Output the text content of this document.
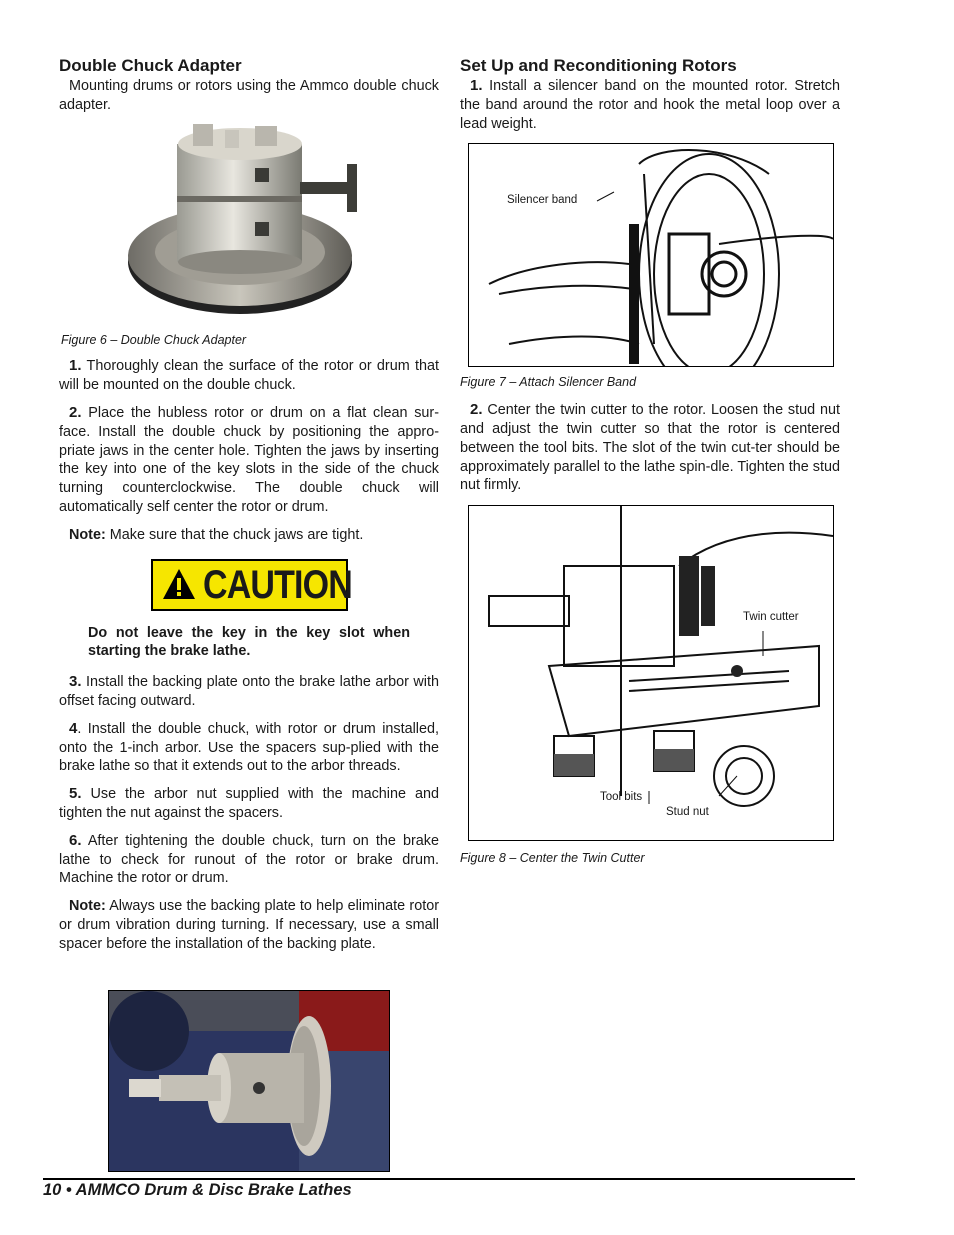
Double Chuck Adapter

Mounting drums or rotors using the Ammco double chuck adapter.

Figure 6 – Double Chuck Adapter

1. Thoroughly clean the surface of the rotor or drum that will be mounted on the double chuck.

2. Place the hubless rotor or drum on a flat clean sur-face. Install the double chuck by positioning the appro-priate jaws in the center hole. Tighten the jaws by inserting the key into one of the key slots in the side of the chuck turning counterclockwise. The double chuck will automatically self center the rotor or drum.

Note: Make sure that the chuck jaws are tight.

CAUTION

Do not leave the key in the key slot when starting the brake lathe.

3. Install the backing plate onto the brake lathe arbor with offset facing outward.

4. Install the double chuck, with rotor or drum installed, onto the 1-inch arbor. Use the spacers sup-plied with the brake lathe so that it extends out to the arbor threads.

5. Use the arbor nut supplied with the machine and tighten the nut against the spacers.

6. After tightening the double chuck, turn on the brake lathe to check for runout of the rotor or brake drum. Machine the rotor or drum.

Note: Always use the backing plate to help eliminate rotor or drum vibration during turning. If necessary, use a small spacer before the installation of the backing plate.

Set Up and Reconditioning Rotors

1. Install a silencer band on the mounted rotor. Stretch the band around the rotor and hook the metal loop over a lead weight.

Silencer band

Figure 7 – Attach Silencer Band

2. Center the twin cutter to the rotor. Loosen the stud nut and adjust the twin cutter so that the rotor is centered between the tool bits. The slot of the twin cut-ter should be approximately parallel to the lathe spin-dle. Tighten the stud nut firmly.

Twin cutter
Tool bits
Stud nut

Figure 8 – Center the Twin Cutter

10 • AMMCO Drum & Disc Brake Lathes
